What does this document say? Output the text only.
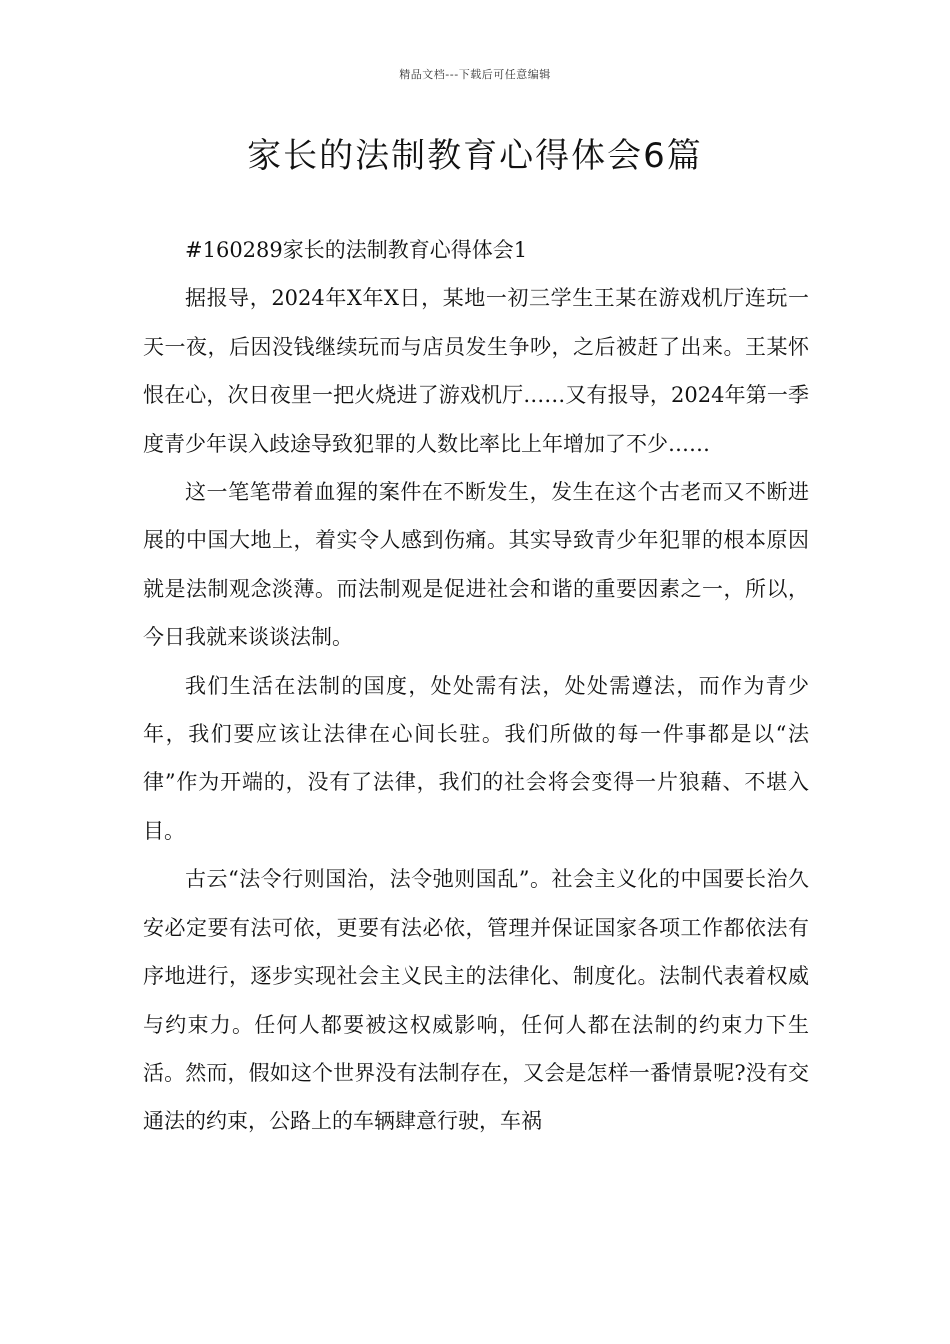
精品文档---下载后可任意编辑
家长的法制教育心得体会6篇

#160289家长的法制教育心得体会1

据报导，2024年X年X日，某地一初三学生王某在游戏机厅连玩一天一夜，后因没钱继续玩而与店员发生争吵，之后被赶了出来。王某怀恨在心，次日夜里一把火烧进了游戏机厅……又有报导，2024年第一季度青少年误入歧途导致犯罪的人数比率比上年增加了不少……

这一笔笔带着血猩的案件在不断发生，发生在这个古老而又不断进展的中国大地上，着实令人感到伤痛。其实导致青少年犯罪的根本原因就是法制观念淡薄。而法制观是促进社会和谐的重要因素之一，所以，今日我就来谈谈法制。

我们生活在法制的国度，处处需有法，处处需遵法，而作为青少年，我们要应该让法律在心间长驻。我们所做的每一件事都是以“法律”作为开端的，没有了法律，我们的社会将会变得一片狼藉、不堪入目。

古云“法令行则国治，法令弛则国乱”。社会主义化的中国要长治久安必定要有法可依，更要有法必依，管理并保证国家各项工作都依法有序地进行，逐步实现社会主义民主的法律化、制度化。法制代表着权威与约束力。任何人都要被这权威影响，任何人都在法制的约束力下生活。然而，假如这个世界没有法制存在，又会是怎样一番情景呢?没有交通法的约束，公路上的车辆肆意行驶，车祸
